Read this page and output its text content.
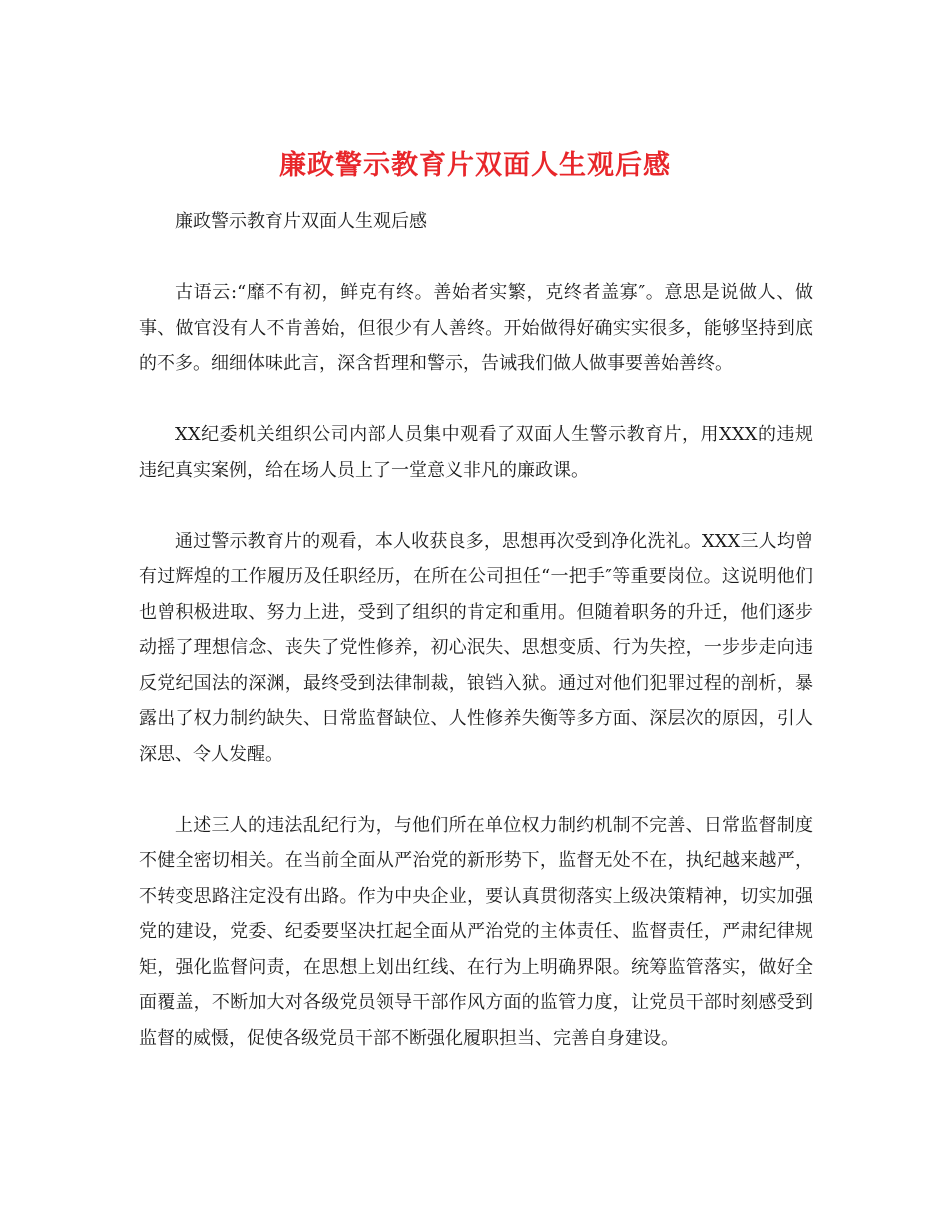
廉政警示教育片双面人生观后感

廉政警示教育片双面人生观后感

古语云:“靡不有初，鲜克有终。善始者实繁，克终者盖寡″。意思是说做人、做事、做官没有人不肯善始，但很少有人善终。开始做得好确实实很多，能够坚持到底的不多。细细体味此言，深含哲理和警示，告诫我们做人做事要善始善终。

XX纪委机关组织公司内部人员集中观看了双面人生警示教育片，用XXX的违规违纪真实案例，给在场人员上了一堂意义非凡的廉政课。

通过警示教育片的观看，本人收获良多，思想再次受到净化洗礼。XXX三人均曾有过辉煌的工作履历及任职经历，在所在公司担任“一把手″等重要岗位。这说明他们也曾积极进取、努力上进，受到了组织的肯定和重用。但随着职务的升迁，他们逐步动摇了理想信念、丧失了党性修养，初心泯失、思想变质、行为失控，一步步走向违反党纪国法的深渊，最终受到法律制裁，锒铛入狱。通过对他们犯罪过程的剖析，暴露出了权力制约缺失、日常监督缺位、人性修养失衡等多方面、深层次的原因，引人深思、令人发醒。

上述三人的违法乱纪行为，与他们所在单位权力制约机制不完善、日常监督制度不健全密切相关。在当前全面从严治党的新形势下，监督无处不在，执纪越来越严，不转变思路注定没有出路。作为中央企业，要认真贯彻落实上级决策精神，切实加强党的建设，党委、纪委要坚决扛起全面从严治党的主体责任、监督责任，严肃纪律规矩，强化监督问责，在思想上划出红线、在行为上明确界限。统筹监管落实，做好全面覆盖，不断加大对各级党员领导干部作风方面的监管力度，让党员干部时刻感受到监督的威慑，促使各级党员干部不断强化履职担当、完善自身建设。
